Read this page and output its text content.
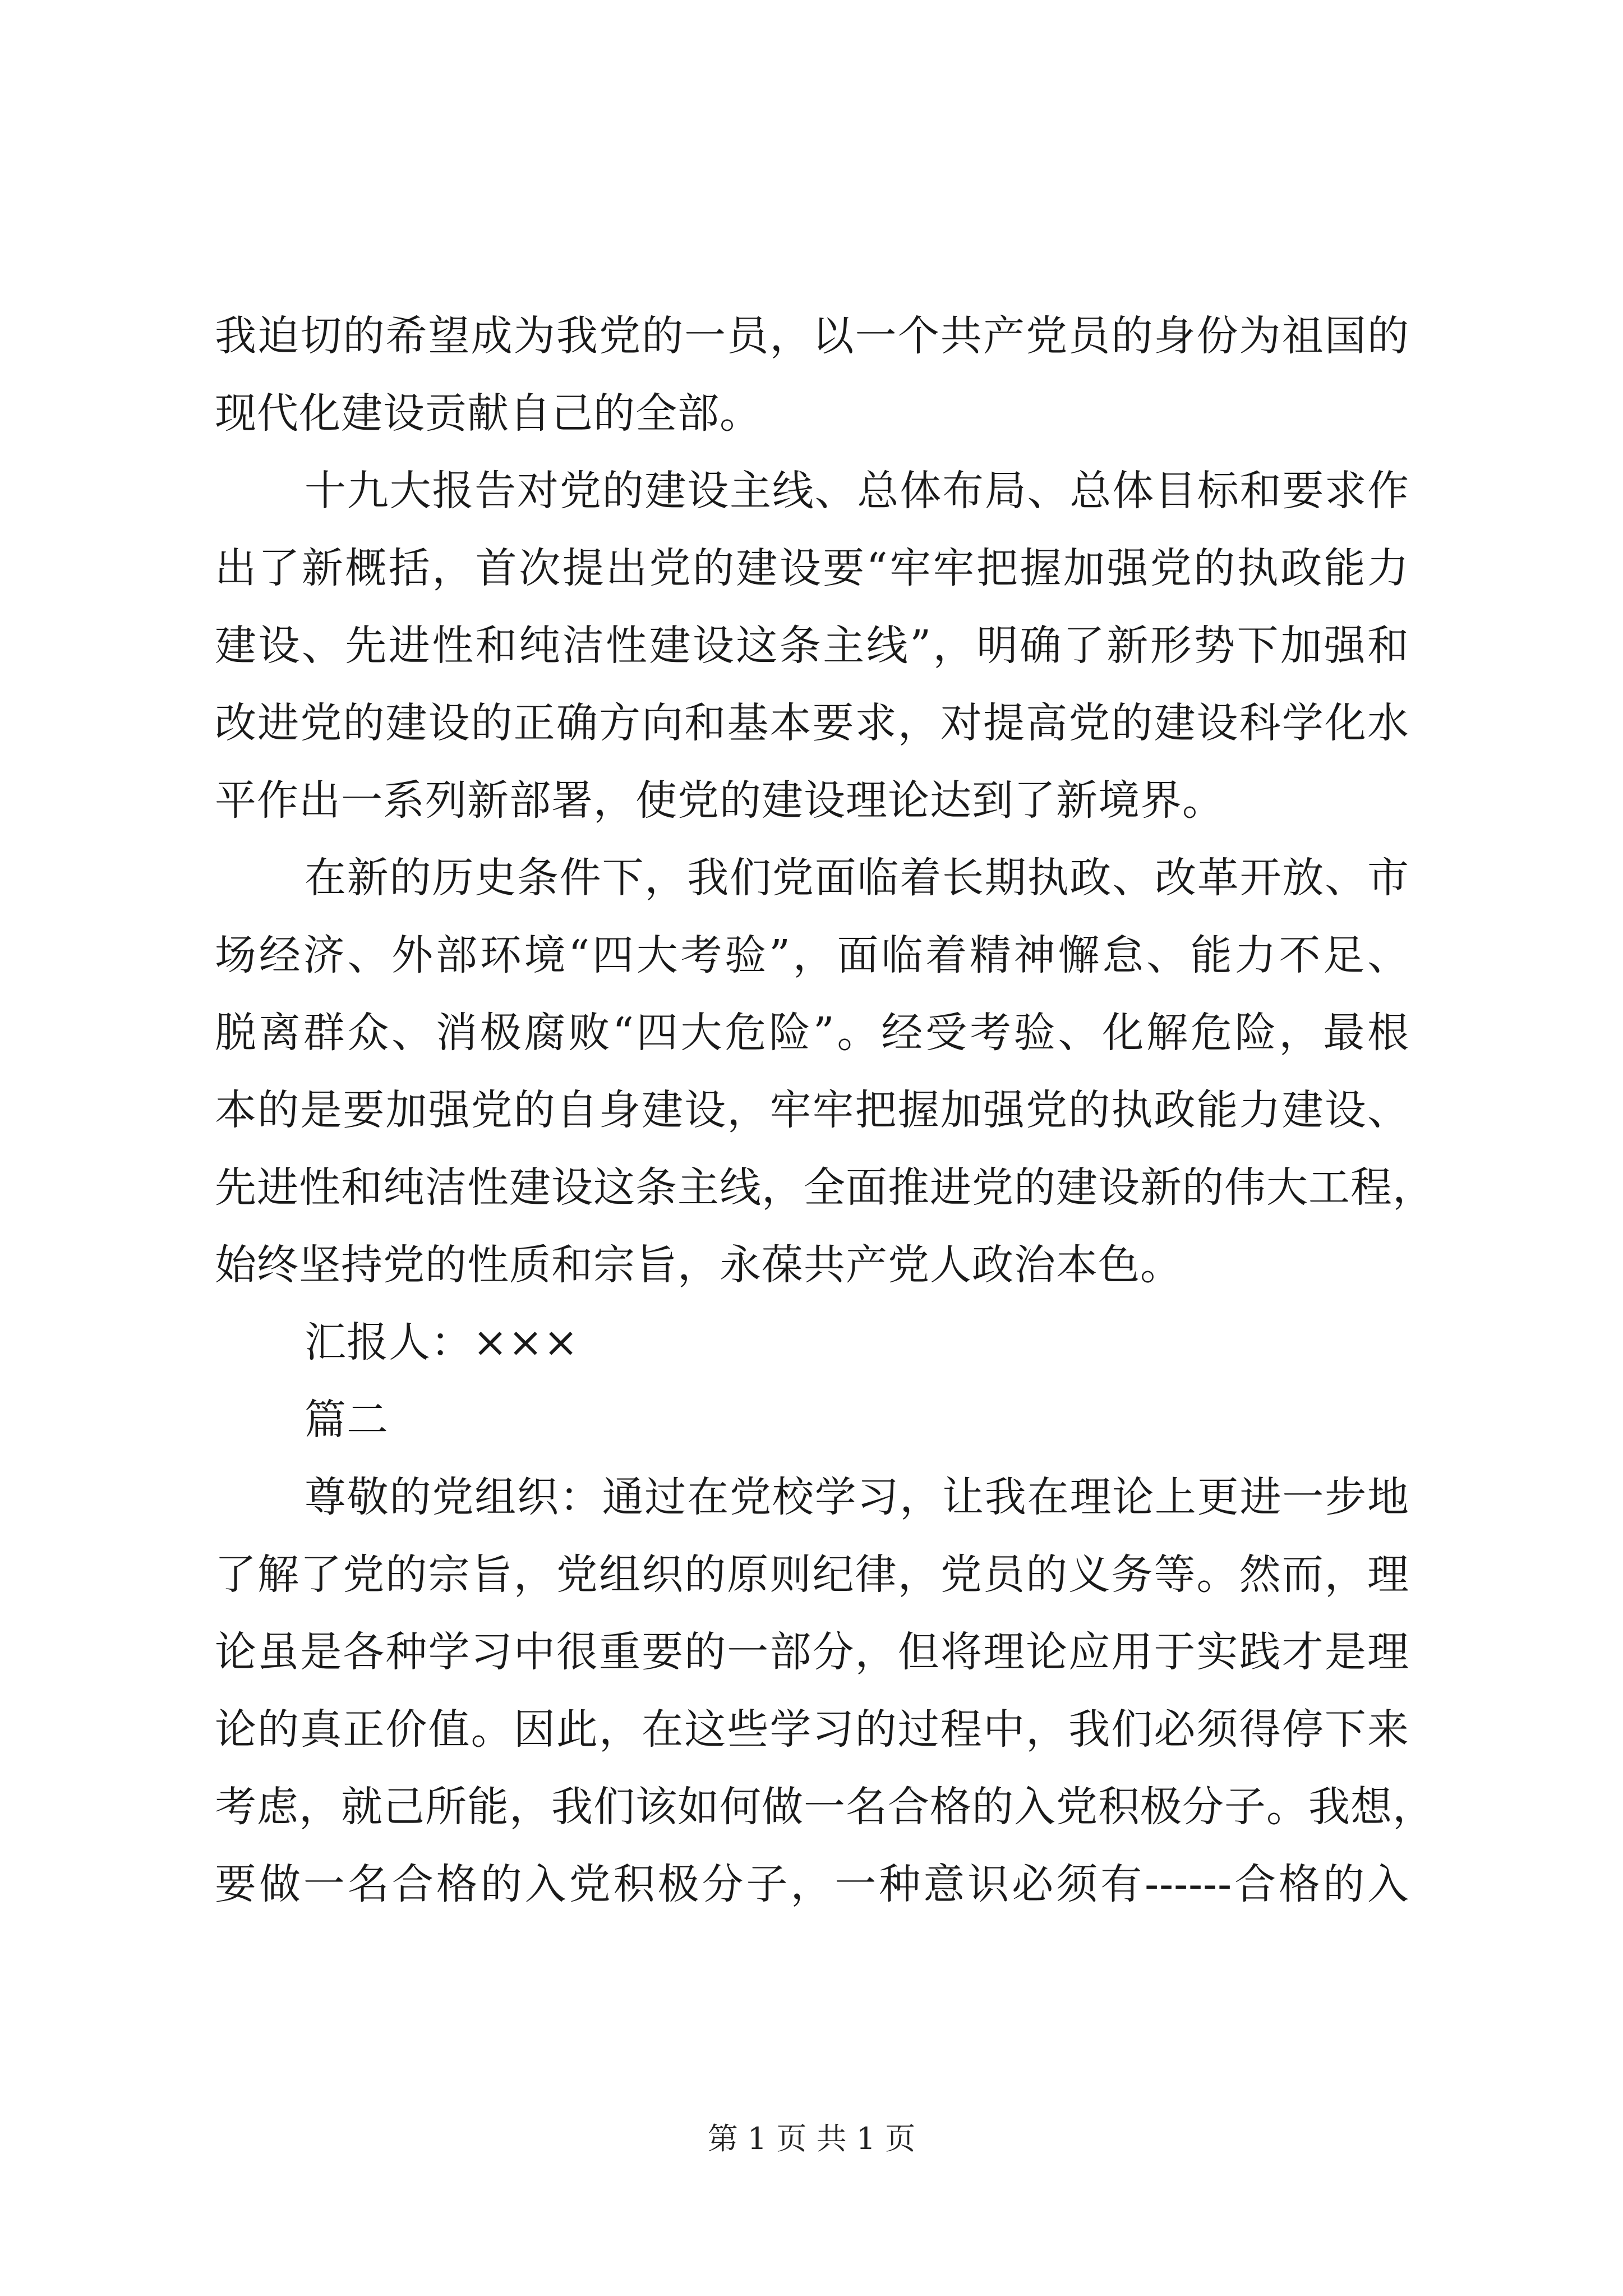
我迫切的希望成为我党的一员，以一个共产党员的身份为祖国的
现代化建设贡献自己的全部。
十九大报告对党的建设主线、总体布局、总体目标和要求作
出了新概括，首次提出党的建设要“牢牢把握加强党的执政能力
建设、先进性和纯洁性建设这条主线”，明确了新形势下加强和
改进党的建设的正确方向和基本要求，对提高党的建设科学化水
平作出一系列新部署，使党的建设理论达到了新境界。
在新的历史条件下，我们党面临着长期执政、改革开放、市
场经济、外部环境“四大考验”，面临着精神懈怠、能力不足、
脱离群众、消极腐败“四大危险”。经受考验、化解危险，最根
本的是要加强党的自身建设，牢牢把握加强党的执政能力建设、
先进性和纯洁性建设这条主线，全面推进党的建设新的伟大工程，
始终坚持党的性质和宗旨，永葆共产党人政治本色。
汇报人：×××
篇二
尊敬的党组织：通过在党校学习，让我在理论上更进一步地
了解了党的宗旨，党组织的原则纪律，党员的义务等。然而，理
论虽是各种学习中很重要的一部分，但将理论应用于实践才是理
论的真正价值。因此，在这些学习的过程中，我们必须得停下来
考虑，就己所能，我们该如何做一名合格的入党积极分子。我想，
要做一名合格的入党积极分子，一种意识必须有------合格的入
第 1 页 共 1 页
